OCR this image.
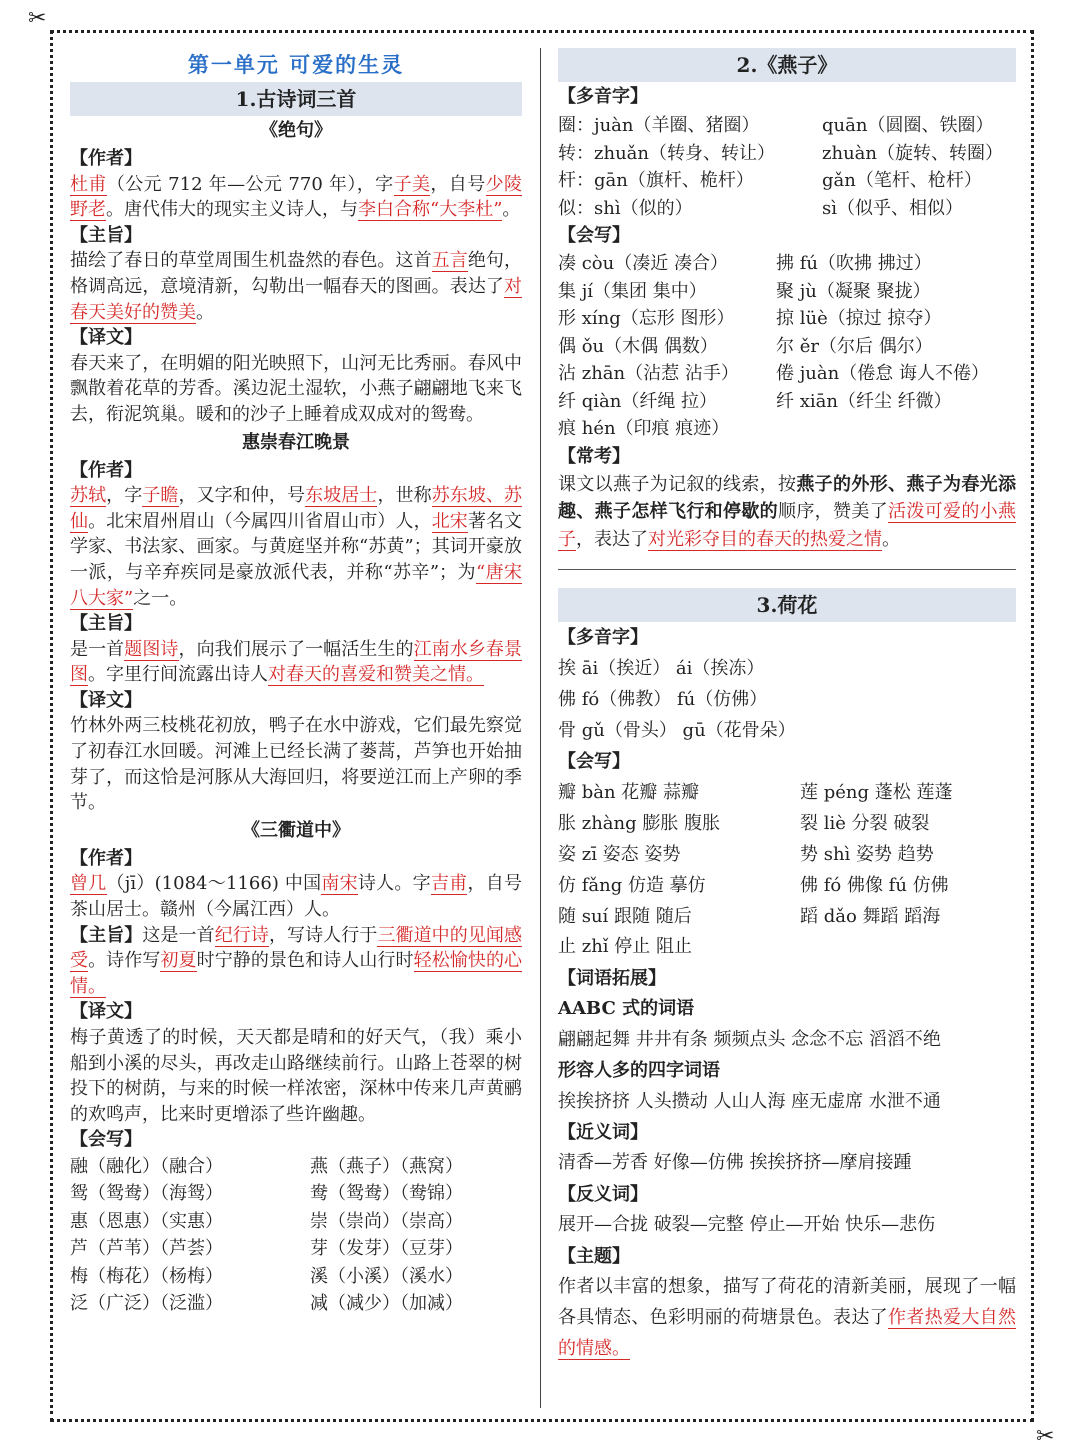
✂
✂
第一单元 可爱的生灵
1.古诗词三首
《绝句》
【作者】

杜甫（公元 712 年—公元 770 年），字子美，自号少陵野老。唐代伟大的现实主义诗人，与李白合称“大李杜”。

【主旨】

描绘了春日的草堂周围生机盎然的春色。这首五言绝句，格调高远，意境清新，勾勒出一幅春天的图画。表达了对春天美好的赞美。

【译文】

春天来了，在明媚的阳光映照下，山河无比秀丽。春风中飘散着花草的芳香。溪边泥土湿软，小燕子翩翩地飞来飞去，衔泥筑巢。暖和的沙子上睡着成双成对的鸳鸯。

惠崇春江晚景
【作者】

苏轼，字子瞻，又字和仲，号东坡居士，世称苏东坡、苏仙。北宋眉州眉山（今属四川省眉山市）人，北宋著名文学家、书法家、画家。与黄庭坚并称“苏黄”；其词开豪放一派，与辛弃疾同是豪放派代表，并称“苏辛”；为“唐宋八大家”之一。

【主旨】

是一首题图诗，向我们展示了一幅活生生的江南水乡春景图。字里行间流露出诗人对春天的喜爱和赞美之情。

【译文】

竹林外两三枝桃花初放，鸭子在水中游戏，它们最先察觉了初春江水回暖。河滩上已经长满了蒌蒿，芦笋也开始抽芽了，而这恰是河豚从大海回归，将要逆江而上产卵的季节。

《三衢道中》
【作者】

曾几（jī）(1084～1166) 中国南宋诗人。字吉甫，自号茶山居士。赣州（今属江西）人。

【主旨】这是一首纪行诗，写诗人行于三衢道中的见闻感受。诗作写初夏时宁静的景色和诗人山行时轻松愉快的心情。

【译文】

梅子黄透了的时候，天天都是晴和的好天气，（我）乘小船到小溪的尽头，再改走山路继续前行。山路上苍翠的树投下的树荫，与来的时候一样浓密，深林中传来几声黄鹂的欢鸣声，比来时更增添了些许幽趣。

【会写】
融（融化）（融合）	燕（燕子）（燕窝）
鸳（鸳鸯）（海鸳）	鸯（鸳鸯）（鸯锦）
惠（恩惠）（实惠）	崇（崇尚）（崇高）
芦（芦苇）（芦荟）	芽（发芽）（豆芽）
梅（梅花）（杨梅）	溪（小溪）（溪水）
泛（广泛）（泛滥）	减（减少）（加减）
2.《燕子》
【多音字】
圈：juàn（羊圈、猪圈）	quān（圆圈、铁圈）
转：zhuǎn（转身、转让）	zhuàn（旋转、转圈）
杆：gān（旗杆、桅杆）	gǎn（笔杆、枪杆）
似：shì（似的）	sì（似乎、相似）
【会写】
凑 còu（凑近 凑合）	拂 fú（吹拂 拂过）
集 jí（集团 集中）	聚 jù（凝聚 聚拢）
形 xíng（忘形 图形）	掠 lüè（掠过 掠夺）
偶 ǒu（木偶 偶数）	尔 ěr（尔后 偶尔）
沾 zhān（沾惹 沾手）	倦 juàn（倦怠 诲人不倦）
纤 qiàn（纤绳 拉）	纤 xiān（纤尘 纤微）
痕 hén（印痕 痕迹）
【常考】

课文以燕子为记叙的线索，按燕子的外形、燕子为春光添趣、燕子怎样飞行和停歇的顺序，赞美了活泼可爱的小燕子，表达了对光彩夺目的春天的热爱之情。

3.荷花
【多音字】
挨 āi（挨近） ái（挨冻）
佛 fó（佛教） fú（仿佛）
骨 gǔ（骨头） gū（花骨朵）
【会写】
瓣 bàn 花瓣 蒜瓣	莲 péng 蓬松 莲蓬
胀 zhàng 膨胀 腹胀	裂 liè 分裂 破裂
姿 zī 姿态 姿势	势 shì 姿势 趋势
仿 fǎng 仿造 摹仿	佛 fó 佛像 fú 仿佛
随 suí 跟随 随后	蹈 dǎo 舞蹈 蹈海
止 zhǐ 停止 阻止
【词语拓展】
AABC 式的词语
翩翩起舞 井井有条 频频点头 念念不忘 滔滔不绝
形容人多的四字词语
挨挨挤挤 人头攒动 人山人海 座无虚席 水泄不通
【近义词】
清香—芳香 好像—仿佛 挨挨挤挤—摩肩接踵
【反义词】
展开—合拢 破裂—完整 停止—开始 快乐—悲伤
【主题】

作者以丰富的想象，描写了荷花的清新美丽，展现了一幅各具情态、色彩明丽的荷塘景色。表达了作者热爱大自然的情感。
